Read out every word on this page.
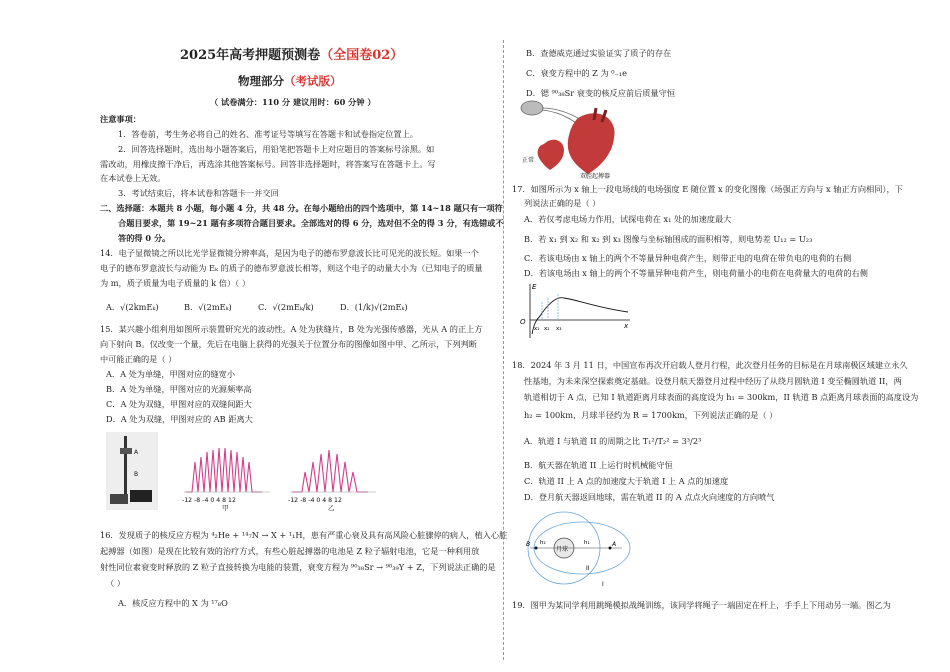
2025年高考押题预测卷（全国卷02）
物理部分（考试版）
（ 试卷满分：110 分 建议用时：60 分钟 ）
注意事项：
1．答卷前，考生务必将自己的姓名、准考证号等填写在答题卡和试卷指定位置上。
2．回答选择题时，选出每小题答案后，用铅笔把答题卡上对应题目的答案标号涂黑。如
需改动，用橡皮擦干净后，再选涂其他答案标号。回答非选择题时，将答案写在答题卡上。写
在本试卷上无效。
3．考试结束后，将本试卷和答题卡一并交回
二、选择题：本题共 8 小题，每小题 4 分，共 48 分。在每小题给出的四个选项中，第 14~18 题只有一项符
合题目要求，第 19~21 题有多项符合题目要求。全部选对的得 6 分，选对但不全的得 3 分，有选错或不
答的得 0 分。
14．电子显微镜之所以比光学显微镜分辨率高，是因为电子的德布罗意波长比可见光的波长短。如果一个
电子的德布罗意波长与动能为 Eₖ 的质子的德布罗意波长相等，则这个电子的动量大小为（已知电子的质量
为 m，质子质量为电子质量的 k 倍）（ ）
A．√(2kmEₖ)	B．√(2mEₖ)	C．√(2mEₖ/k)	D．(1/k)√(2mEₖ)
15．某兴趣小组利用如图所示装置研究光的波动性。A 处为狭缝片，B 处为光强传感器，光从 A 的正上方
向下射向 B。仅改变一个量，先后在电脑上获得的光强关于位置分布的图像如图中甲、乙所示，下列判断
中可能正确的是（ ）
A．A 处为单缝，甲图对应的缝宽小
B．A 处为单缝，甲图对应的光源频率高
C．A 处为双缝，甲图对应的双缝间距大
D．A 处为双缝，甲图对应的 AB 距离大
A
B
-12 -8 -4 0 4 8 12
甲
-12 -8 -4 0 4 8 12
乙
16．发现质子的核反应方程为 ⁴₂He + ¹⁴₇N → X + ¹₁H，患有严重心衰及具有高风险心脏骤停的病人，植入心脏
起搏器（如图）是现在比较有效的治疗方式，有些心脏起搏器的电池是 Z 粒子辐射电池，它是一种利用放
射性同位素衰变时释放的 Z 粒子直接转换为电能的装置，衰变方程为 ⁹⁰₃₈Sr → ⁹⁰₃₉Y + Z，下列说法正确的是
（ ）
A．核反应方程中的 X 为 ¹⁷₈O
B．查德威克通过实验证实了质子的存在
C．衰变方程中的 Z 为 ⁰₋₁e
D．锶 ⁹⁰₃₈Sr 衰变的核反应前后质量守恒
正常
双腔起搏器
17．如图所示为 x 轴上一段电场线的电场强度 E 随位置 x 的变化图像（场强正方向与 x 轴正方向相同），下
列说法正确的是（ ）
A．若仅考虑电场力作用，试探电荷在 x₁ 处的加速度最大
B．若 x₁ 到 x₂ 和 x₂ 到 x₃ 图像与坐标轴围成的面积相等，则电势差 U₁₂ = U₂₃
C．若该电场由 x 轴上的两个不等量异种电荷产生，则带正电的电荷在带负电的电荷的右侧
D．若该电场由 x 轴上的两个不等量异种电荷产生，则电荷量小的电荷在电荷量大的电荷的右侧
E
O	x
x₁ x₂ x₃
18．2024 年 3 月 11 日，中国宣布再次开启载人登月行程，此次登月任务的目标是在月球南极区域建立永久
性基地，为未来深空探索奠定基础。设登月航天器登月过程中经历了从绕月圆轨道 I 变至椭圆轨道 II，两
轨道相切于 A 点，已知 I 轨道距离月球表面的高度设为 h₁ = 300km，II 轨道 B 点距离月球表面的高度设为
h₂ = 100km，月球半径约为 R = 1700km，下列说法正确的是（ ）
A．轨道 I 与轨道 II 的周期之比 T₁²/T₂² = 3³/2³
B．航天器在轨道 II 上运行时机械能守恒
C．轨道 II 上 A 点的加速度大于轨道 I 上 A 点的加速度
D．登月航天器返回地球，需在轨道 II 的 A 点点火向速度的方向喷气
月球
B	A
h₂	h₁
II
I
19．图甲为某同学利用跳绳模拟战绳训练，该同学将绳子一端固定在杆上，手手上下用动另一端。图乙为
